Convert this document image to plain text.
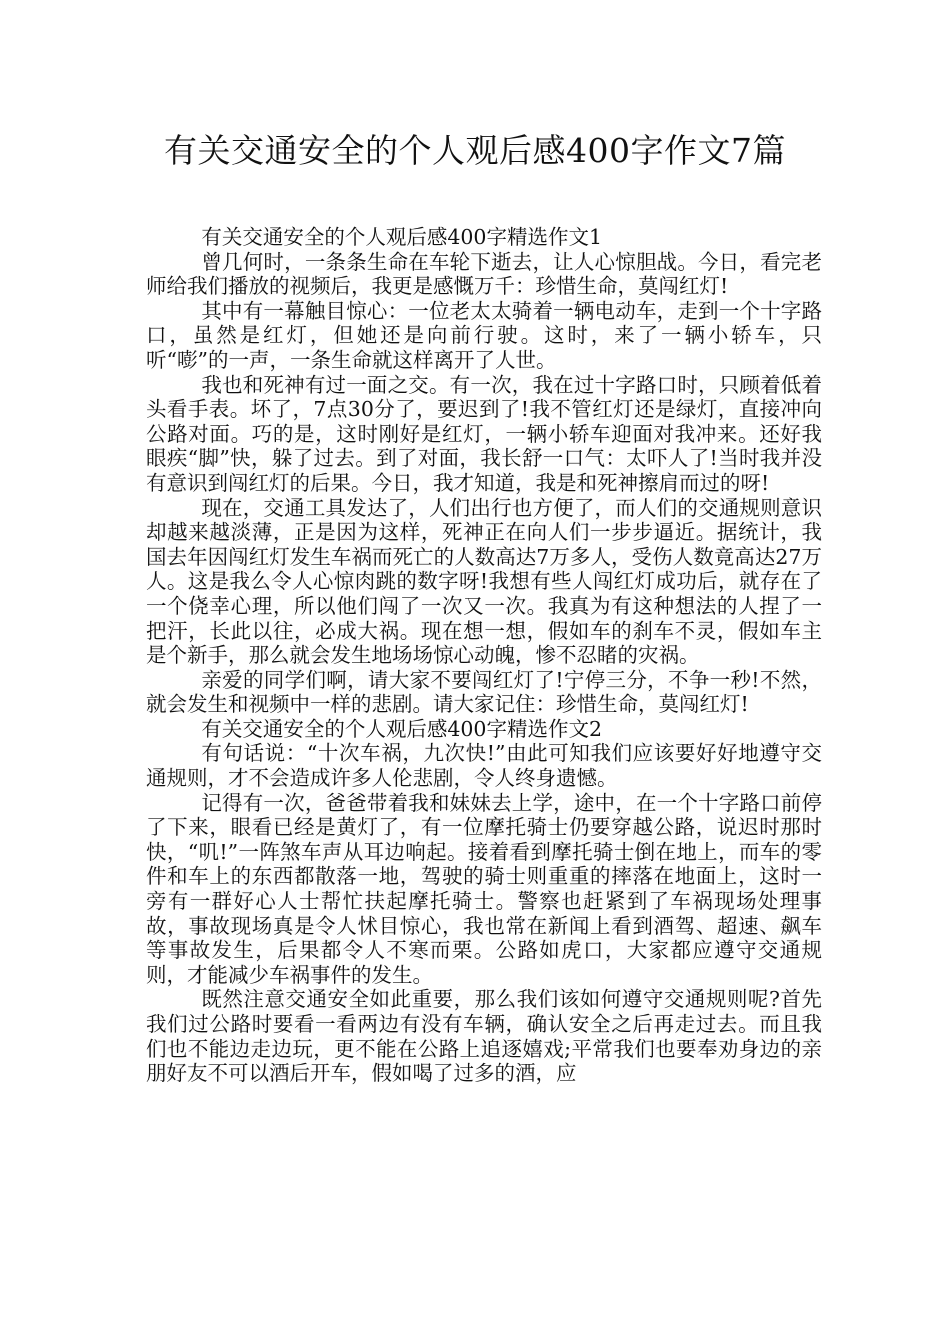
有关交通安全的个人观后感400字作文7篇

有关交通安全的个人观后感400字精选作文1

曾几何时，一条条生命在车轮下逝去，让人心惊胆战。今日，看完老师给我们播放的视频后，我更是感慨万千：珍惜生命，莫闯红灯!

其中有一幕触目惊心：一位老太太骑着一辆电动车，走到一个十字路口，虽然是红灯，但她还是向前行驶。这时，来了一辆小轿车，只听“嘭”的一声，一条生命就这样离开了人世。

我也和死神有过一面之交。有一次，我在过十字路口时，只顾着低着头看手表。坏了，7点30分了，要迟到了!我不管红灯还是绿灯，直接冲向公路对面。巧的是，这时刚好是红灯，一辆小轿车迎面对我冲来。还好我眼疾“脚”快，躲了过去。到了对面，我长舒一口气：太吓人了!当时我并没有意识到闯红灯的后果。今日，我才知道，我是和死神擦肩而过的呀!

现在，交通工具发达了，人们出行也方便了，而人们的交通规则意识却越来越淡薄，正是因为这样，死神正在向人们一步步逼近。据统计，我国去年因闯红灯发生车祸而死亡的人数高达7万多人，受伤人数竟高达27万人。这是我么令人心惊肉跳的数字呀!我想有些人闯红灯成功后，就存在了一个侥幸心理，所以他们闯了一次又一次。我真为有这种想法的人捏了一把汗，长此以往，必成大祸。现在想一想，假如车的刹车不灵，假如车主是个新手，那么就会发生地场场惊心动魄，惨不忍睹的灾祸。

亲爱的同学们啊，请大家不要闯红灯了!宁停三分，不争一秒!不然，就会发生和视频中一样的悲剧。请大家记住：珍惜生命，莫闯红灯!

有关交通安全的个人观后感400字精选作文2

有句话说：“十次车祸，九次快!”由此可知我们应该要好好地遵守交通规则，才不会造成许多人伦悲剧，令人终身遗憾。

记得有一次，爸爸带着我和妹妹去上学，途中，在一个十字路口前停了下来，眼看已经是黄灯了，有一位摩托骑士仍要穿越公路，说迟时那时快，“叽!”一阵煞车声从耳边响起。接着看到摩托骑士倒在地上，而车的零件和车上的东西都散落一地，驾驶的骑士则重重的摔落在地面上，这时一旁有一群好心人士帮忙扶起摩托骑士。警察也赶紧到了车祸现场处理事故，事故现场真是令人怵目惊心，我也常在新闻上看到酒驾、超速、飙车等事故发生，后果都令人不寒而栗。公路如虎口，大家都应遵守交通规则，才能减少车祸事件的发生。

既然注意交通安全如此重要，那么我们该如何遵守交通规则呢?首先我们过公路时要看一看两边有没有车辆，确认安全之后再走过去。而且我们也不能边走边玩，更不能在公路上追逐嬉戏;平常我们也要奉劝身边的亲朋好友不可以酒后开车，假如喝了过多的酒，应
